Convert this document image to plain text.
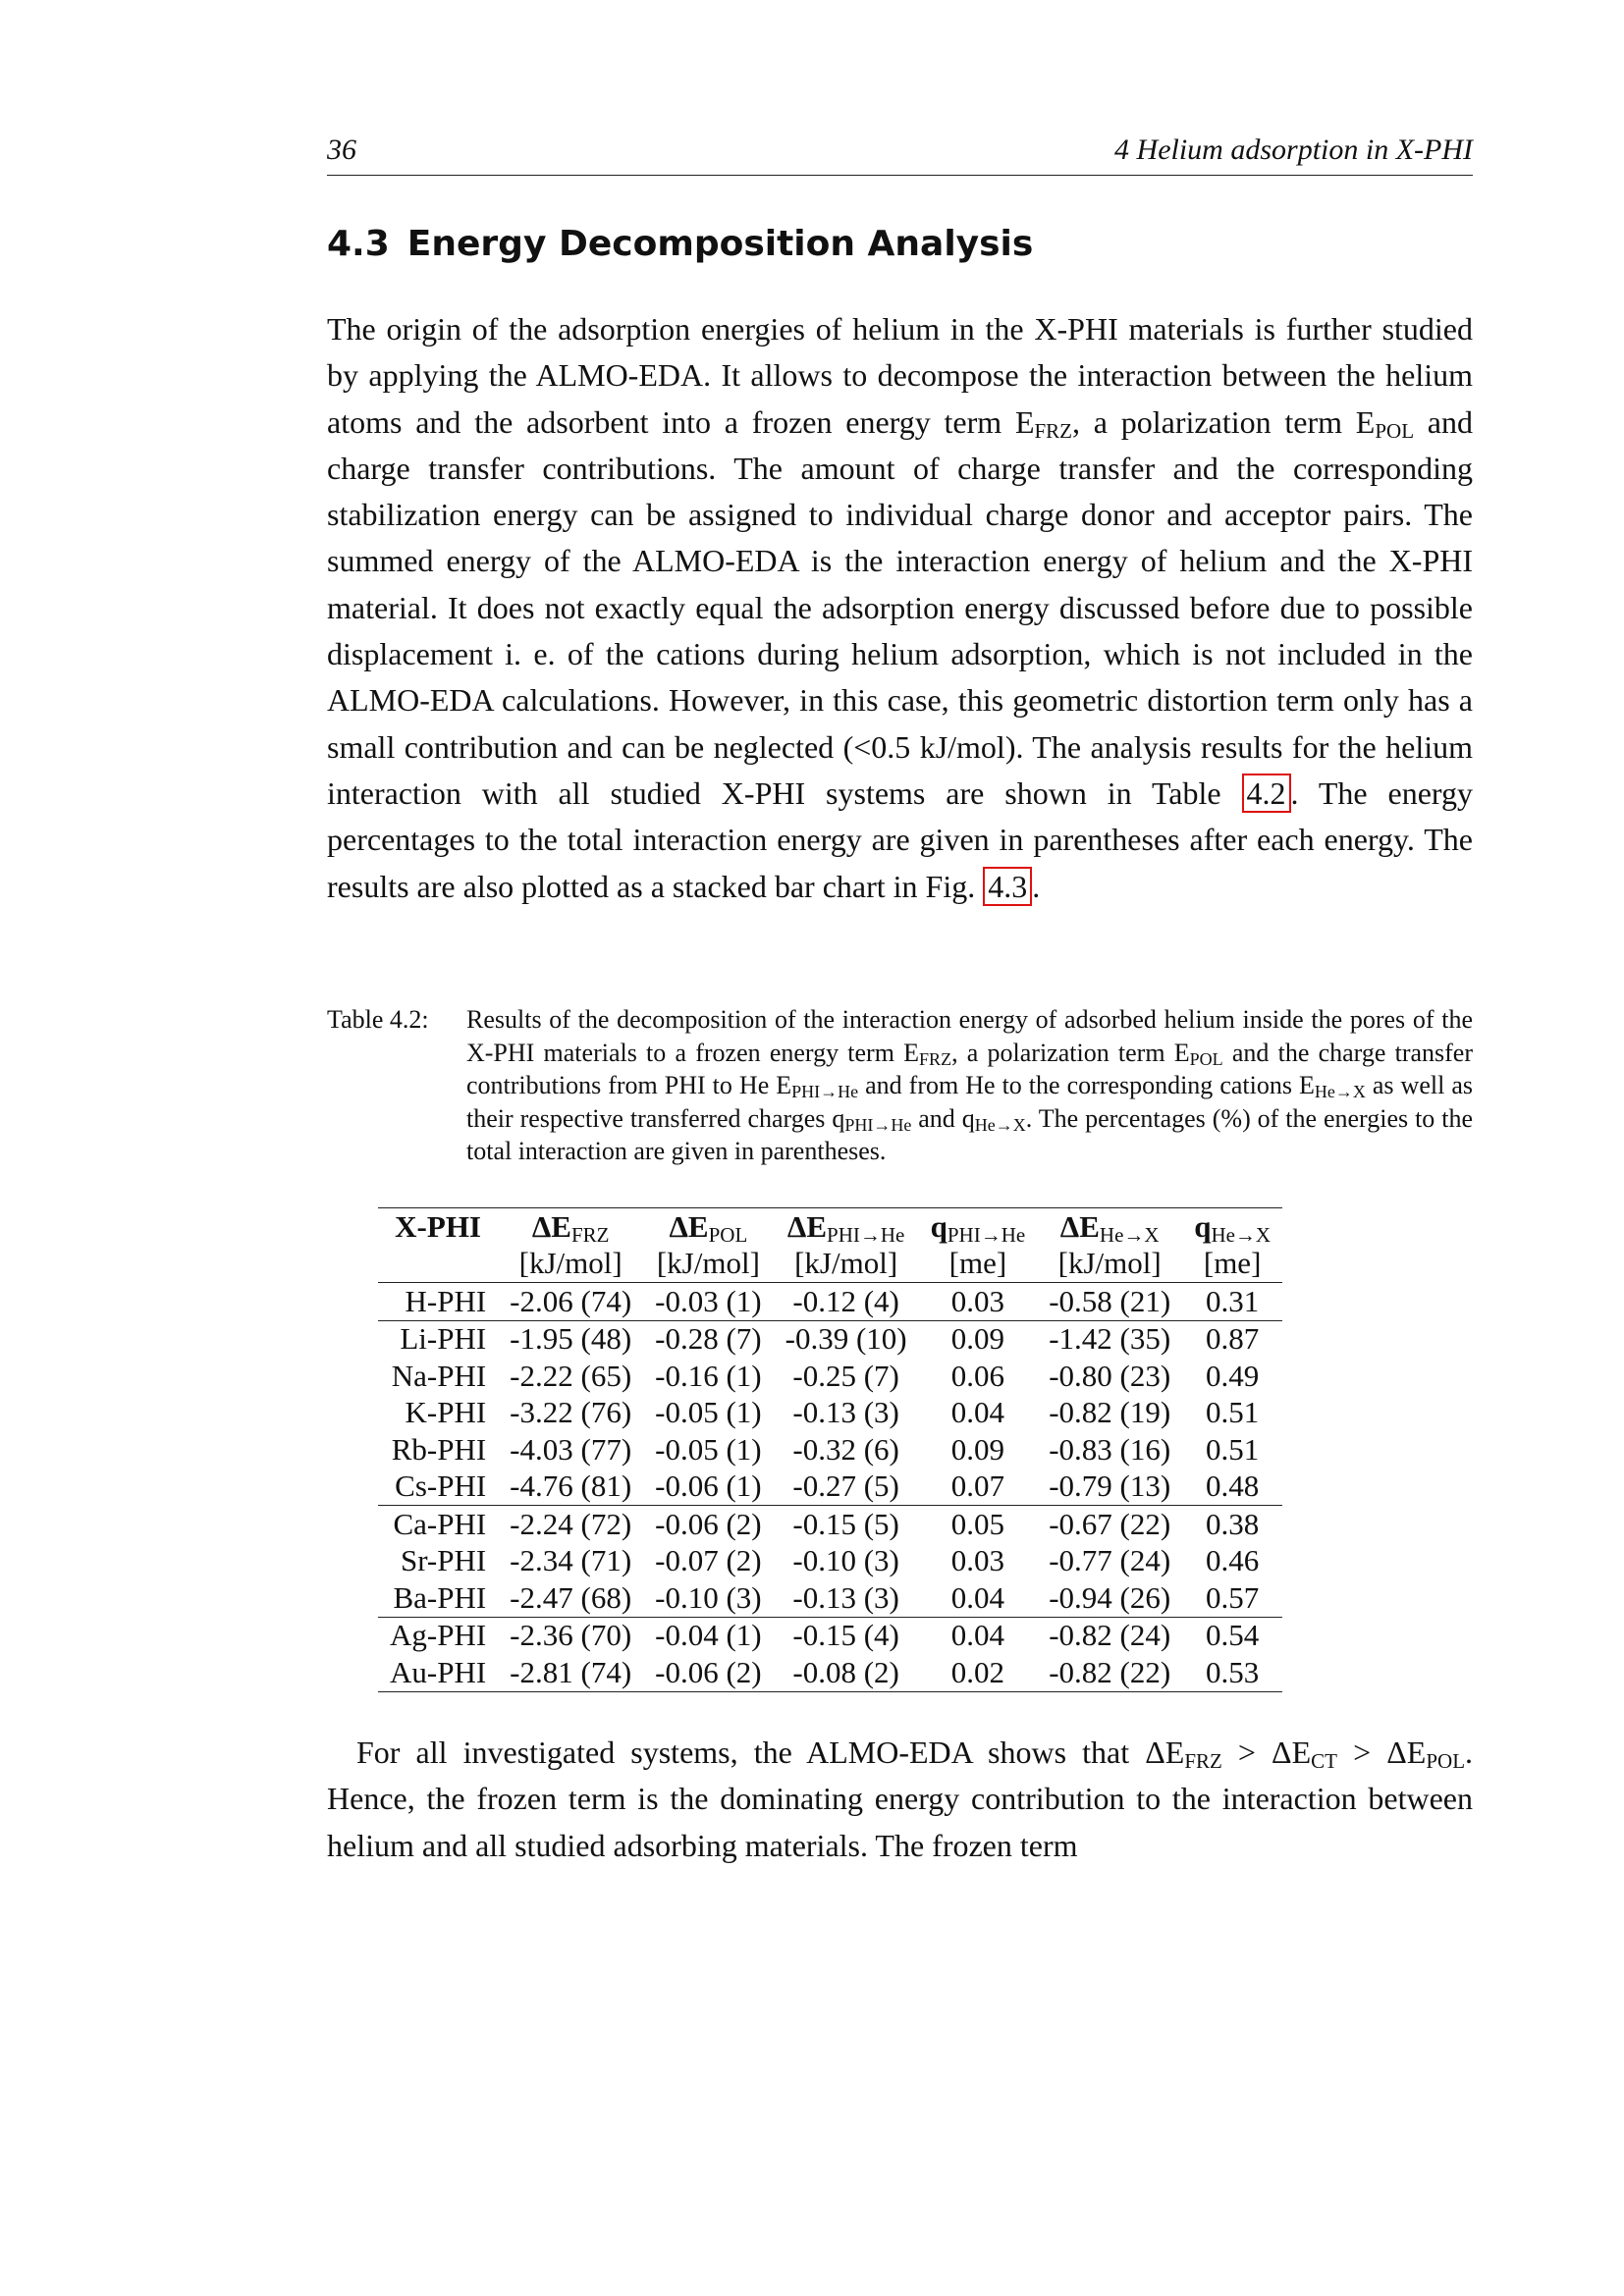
36	4 Helium adsorption in X-PHI
4.3 Energy Decomposition Analysis

The origin of the adsorption energies of helium in the X-PHI materials is further studied by applying the ALMO-EDA. It allows to decompose the interaction between the helium atoms and the adsorbent into a frozen energy term $E_{FRZ}$, a polarization term $E_{POL}$ and charge transfer contributions. The amount of charge transfer and the corresponding stabilization energy can be assigned to individual charge donor and acceptor pairs. The summed energy of the ALMO-EDA is the interaction energy of helium and the X-PHI material. It does not exactly equal the adsorption energy discussed before due to possible displacement i. e. of the cations during helium adsorption, which is not included in the ALMO-EDA calculations. However, in this case, this geometric distortion term only has a small contribution and can be neglected (<0.5 kJ/mol). The analysis results for the helium interaction with all studied X-PHI systems are shown in Table 4.2 . The energy percentages to the total interaction energy are given in parentheses after each energy. The results are also plotted as a stacked bar chart in Fig. 4.3 .

Table 4.2: Results of the decomposition of the interaction energy of adsorbed helium inside the pores of the X-PHI materials to a frozen energy term $E_{FRZ}$, a polarization term $E_{POL}$ and the charge transfer contributions from PHI to He $E_{PHI\to He}$ and from He to the corresponding cations $E_{He\to X}$ as well as their respective transferred charges $q_{PHI\to He}$ and $q_{He\to X}$. The percentages (%) of the energies to the total interaction are given in parentheses.
X-PHI	$\Delta E_{FRZ}$	$\Delta E_{POL}$	$\Delta E_{PHI\to He}$	$q_{PHI\to He}$	$\Delta E_{He\to X}$	$q_{He\to X}$
	[kJ/mol]	[kJ/mol]	[kJ/mol]	[me]	[kJ/mol]	[me]
H-PHI	-2.06 (74)	-0.03 (1)	-0.12 (4)	0.03	-0.58 (21)	0.31
Li-PHI	-1.95 (48)	-0.28 (7)	-0.39 (10)	0.09	-1.42 (35)	0.87
Na-PHI	-2.22 (65)	-0.16 (1)	-0.25 (7)	0.06	-0.80 (23)	0.49
K-PHI	-3.22 (76)	-0.05 (1)	-0.13 (3)	0.04	-0.82 (19)	0.51
Rb-PHI	-4.03 (77)	-0.05 (1)	-0.32 (6)	0.09	-0.83 (16)	0.51
Cs-PHI	-4.76 (81)	-0.06 (1)	-0.27 (5)	0.07	-0.79 (13)	0.48
Ca-PHI	-2.24 (72)	-0.06 (2)	-0.15 (5)	0.05	-0.67 (22)	0.38
Sr-PHI	-2.34 (71)	-0.07 (2)	-0.10 (3)	0.03	-0.77 (24)	0.46
Ba-PHI	-2.47 (68)	-0.10 (3)	-0.13 (3)	0.04	-0.94 (26)	0.57
Ag-PHI	-2.36 (70)	-0.04 (1)	-0.15 (4)	0.04	-0.82 (24)	0.54
Au-PHI	-2.81 (74)	-0.06 (2)	-0.08 (2)	0.02	-0.82 (22)	0.53

For all investigated systems, the ALMO-EDA shows that $\Delta E_{FRZ} > \Delta E_{CT} > \Delta E_{POL}$. Hence, the frozen term is the dominating energy contribution to the interaction between helium and all studied adsorbing materials. The frozen term
